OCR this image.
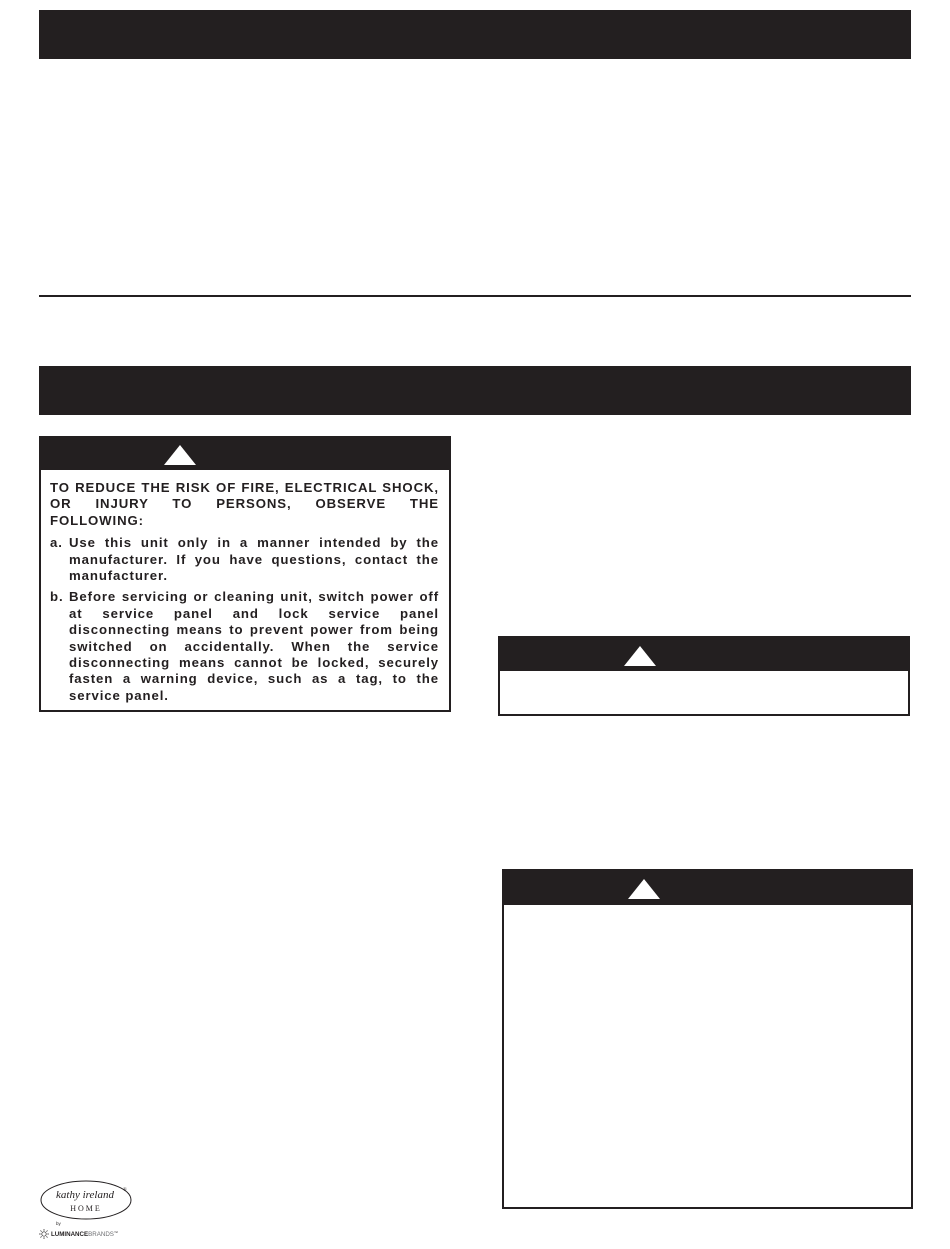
TO REDUCE THE RISK OF FIRE, ELECTRICAL SHOCK, OR INJURY TO PERSONS, OBSERVE THE FOLLOWING:
a. Use this unit only in a manner intended by the manufacturer. If you have questions, contact the manufacturer.
b. Before servicing or cleaning unit, switch power off at service panel and lock service panel disconnecting means to prevent power from being switched on accidentally. When the service disconnecting means cannot be locked, securely fasten a warning device, such as a tag, to the service panel.
kathy ireland ®
HOME
by
LUMINANCEBRANDS™
